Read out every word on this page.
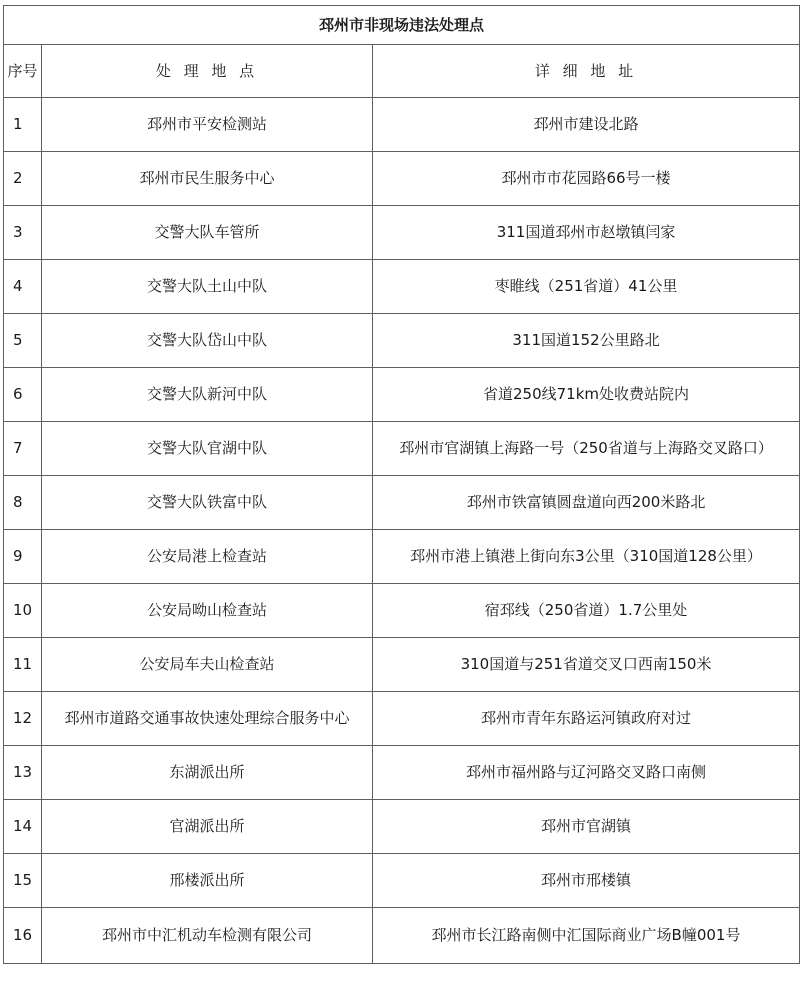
邳州市非现场违法处理点		
序号	处 理 地 点	详 细 地 址
1	邳州市平安检测站	邳州市建设北路
2	邳州市民生服务中心	邳州市市花园路66号一楼
3	交警大队车管所	311国道邳州市赵墩镇闫家
4	交警大队土山中队	枣睢线（251省道）41公里
5	交警大队岱山中队	311国道152公里路北
6	交警大队新河中队	省道250线71km处收费站院内
7	交警大队官湖中队	邳州市官湖镇上海路一号（250省道与上海路交叉路口）
8	交警大队铁富中队	邳州市铁富镇圆盘道向西200米路北
9	公安局港上检查站	邳州市港上镇港上街向东3公里（310国道128公里）
10	公安局呦山检查站	宿邳线（250省道）1.7公里处
11	公安局车夫山检查站	310国道与251省道交叉口西南150米
12	邳州市道路交通事故快速处理综合服务中心	邳州市青年东路运河镇政府对过
13	东湖派出所	邳州市福州路与辽河路交叉路口南侧
14	官湖派出所	邳州市官湖镇
15	邢楼派出所	邳州市邢楼镇
16	邳州市中汇机动车检测有限公司	邳州市长江路南侧中汇国际商业广场B幢001号
